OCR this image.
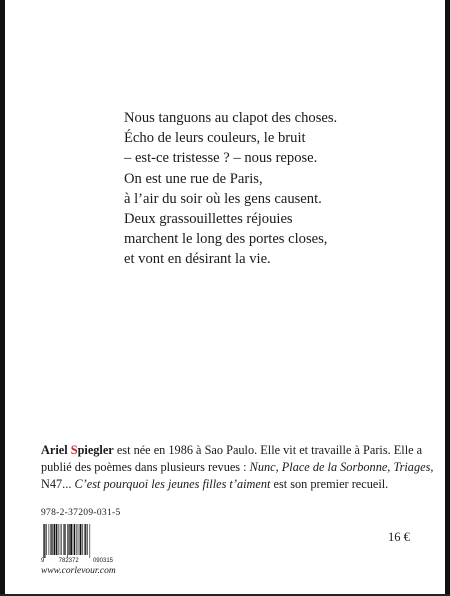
Nous tanguons au clapot des choses.
Écho de leurs couleurs, le bruit
– est-ce tristesse ? – nous repose.
On est une rue de Paris,
à l’air du soir où les gens causent.
Deux grassouillettes réjouies
marchent le long des portes closes,
et vont en désirant la vie.
Ariel Spiegler est née en 1986 à Sao Paulo. Elle vit et travaille à Paris. Elle a
publié des poèmes dans plusieurs revues : Nunc, Place de la Sorbonne, Triages,
N47... C’est pourquoi les jeunes filles t’aiment est son premier recueil.
978-2-37209-031-5
9 782372 090315
www.corlevour.com
16 €
